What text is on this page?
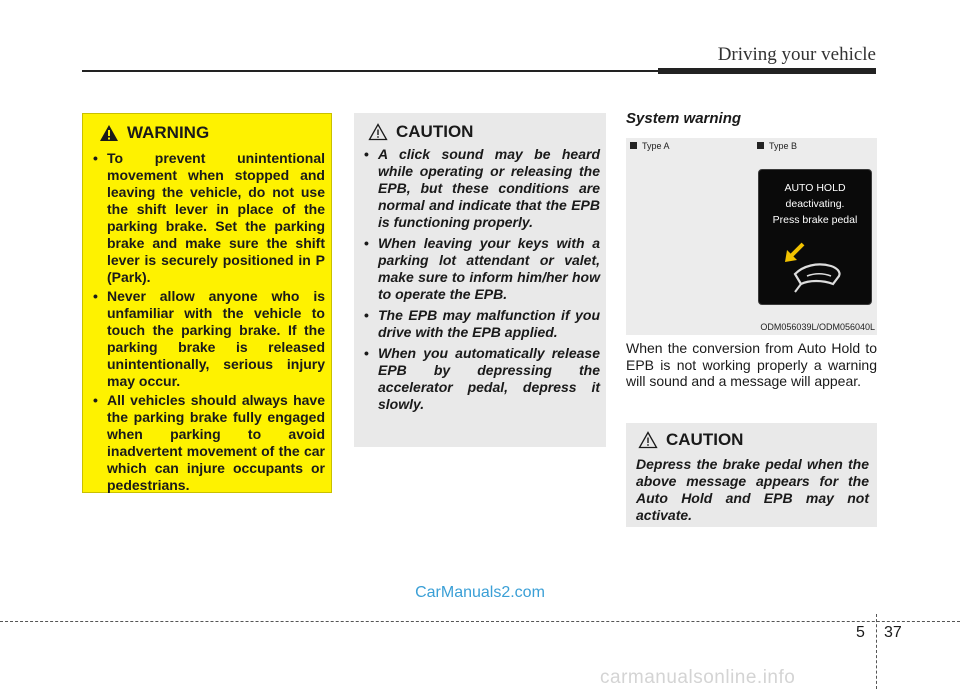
Driving your vehicle
WARNING
• To prevent unintentional movement when stopped and leaving the vehicle, do not use the shift lever in place of the parking brake. Set the parking brake and make sure the shift lever is securely positioned in P (Park).
• Never allow anyone who is unfamiliar with the vehicle to touch the parking brake. If the parking brake is released unintentionally, serious injury may occur.
• All vehicles should always have the parking brake fully engaged when parking to avoid inadvertent movement of the car which can injure occupants or pedestrians.
CAUTION
• A click sound may be heard while operating or releasing the EPB, but these conditions are normal and indicate that the EPB is functioning properly.
• When leaving your keys with a parking lot attendant or valet, make sure to inform him/her how to operate the EPB.
• The EPB may malfunction if you drive with the EPB applied.
• When you automatically release EPB by depressing the accelerator pedal, depress it slowly.
System warning
Type A	Type B
AUTO HOLD
deactivating.
Press brake pedal
ODM056039L/ODM056040L
When the conversion from Auto Hold to EPB is not working properly a warning will sound and a message will appear.
CAUTION
Depress the brake pedal when the above message appears for the Auto Hold and EPB may not activate.
CarManuals2.com
5 37
carmanualsonline.info
